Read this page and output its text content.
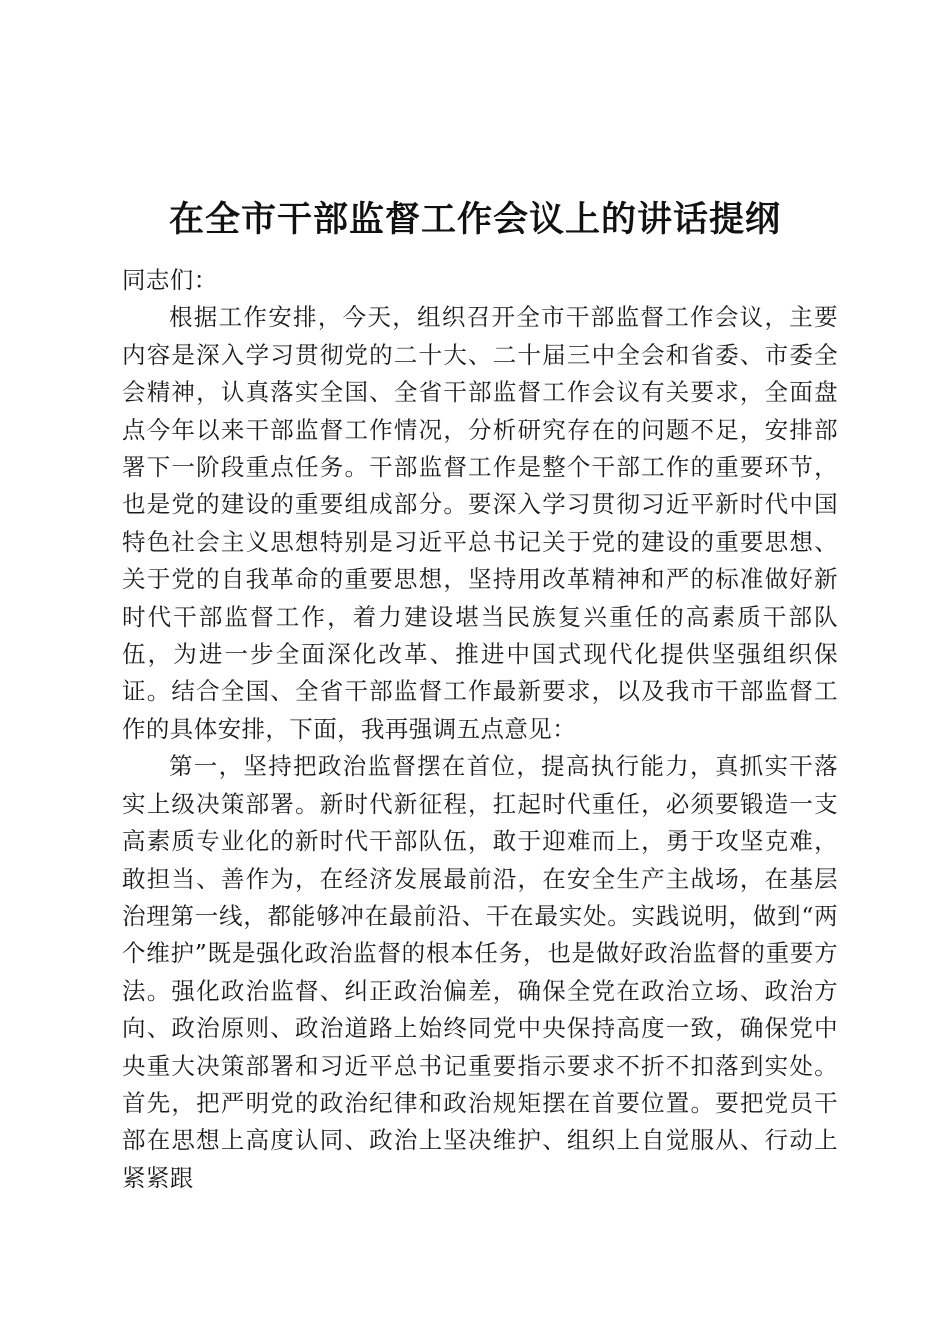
在全市干部监督工作会议上的讲话提纲

同志们：

根据工作安排，今天，组织召开全市干部监督工作会议，主要内容是深入学习贯彻党的二十大、二十届三中全会和省委、市委全会精神，认真落实全国、全省干部监督工作会议有关要求，全面盘点今年以来干部监督工作情况，分析研究存在的问题不足，安排部署下一阶段重点任务。干部监督工作是整个干部工作的重要环节，也是党的建设的重要组成部分。要深入学习贯彻习近平新时代中国特色社会主义思想特别是习近平总书记关于党的建设的重要思想、关于党的自我革命的重要思想，坚持用改革精神和严的标准做好新时代干部监督工作，着力建设堪当民族复兴重任的高素质干部队伍，为进一步全面深化改革、推进中国式现代化提供坚强组织保证。结合全国、全省干部监督工作最新要求，以及我市干部监督工作的具体安排，下面，我再强调五点意见：

第一，坚持把政治监督摆在首位，提高执行能力，真抓实干落实上级决策部署。新时代新征程，扛起时代重任，必须要锻造一支高素质专业化的新时代干部队伍，敢于迎难而上，勇于攻坚克难，敢担当、善作为，在经济发展最前沿，在安全生产主战场，在基层治理第一线，都能够冲在最前沿、干在最实处。实践说明，做到“两个维护”既是强化政治监督的根本任务，也是做好政治监督的重要方法。强化政治监督、纠正政治偏差，确保全党在政治立场、政治方向、政治原则、政治道路上始终同党中央保持高度一致，确保党中央重大决策部署和习近平总书记重要指示要求不折不扣落到实处。首先，把严明党的政治纪律和政治规矩摆在首要位置。要把党员干部在思想上高度认同、政治上坚决维护、组织上自觉服从、行动上紧紧跟
